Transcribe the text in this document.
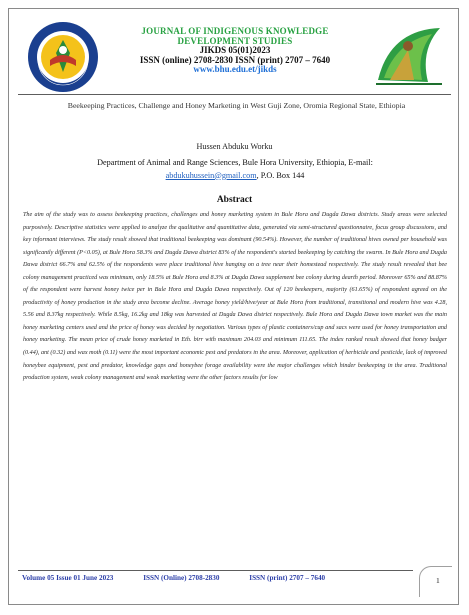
JOURNAL OF INDIGENOUS KNOWLEDGE
DEVELOPMENT STUDIES
JIKDS 05(01)2023
ISSN (online) 2708-2830 ISSN (print) 2707 – 7640
www.bhu.edu.et/jikds
Beekeeping Practices, Challenge and Honey Marketing in West Guji Zone, Oromia Regional State, Ethiopia
Hussen Abduku Worku
Department of Animal and Range Sciences, Bule Hora University, Ethiopia, E-mail:
abdukuhussein@gmail.com, P.O. Box 144
Abstract
The aim of the study was to assess beekeeping practices, challenges and honey marketing system in Bule Hora and Dugda Dawa districts. Study areas were selected purposively. Descriptive statistics were applied to analyze the qualitative and quantitative data, generated via semi-structured questionnaire, focus group discussions, and key informant interviews. The study result showed that traditional beekeeping was dominant (90.54%). However, the number of traditional hives owned per household was significantly different (P<0.05), at Bule Hora 58.3% and Dugda Dawa district 83% of the respondent's started beekeeping by catching the swarm. In Bule Hora and Dugda Dawa district 66.7% and 62.5% of the respondents were place traditional hive hanging on a tree near their homestead respectively. The study result revealed that bee colony management practiced was minimum, only 18.5% at Bule Hora and 8.3% at Dugda Dawa supplement bee colony during dearth period. Moreover 65% and 88.87% of the respondent were harvest honey twice per in Bule Hora and Dugda Dawa respectively. Out of 120 beekeepers, majority (61.65%) of respondent agreed on the productivity of honey production in the study area become decline. Average honey yield/hive/year at Bule Hora from traditional, transitional and modern hive was 4.28, 5.56 and 8.37kg respectively. While 8.5kg, 16.2kg and 18kg was harvested at Dugda Dawa district respectively. Bule Hora and Dugda Dawa town market was the main honey marketing centers used and the price of honey was decided by negotiation. Various types of plastic containers/cup and sacs were used for honey transportation and honey marketing. The mean price of crude honey marketed in Eth. birr with maximum 204.03 and minimum 111.65. The index ranked result showed that honey badger (0.44), ant (0.32) and wax moth (0.11) were the most important economic pest and predators in the area. Moreover, application of herbicide and pesticide, lack of improved honeybee equipment, pest and predator, knowledge gaps and honeybee forage availability were the major challenges which hinder beekeeping in the area. Traditional production system, weak colony management and weak marketing were the other factors results for low
Volume 05 Issue 01 June 2023	ISSN (Online) 2708-2830	ISSN (print) 2707 – 7640	1
